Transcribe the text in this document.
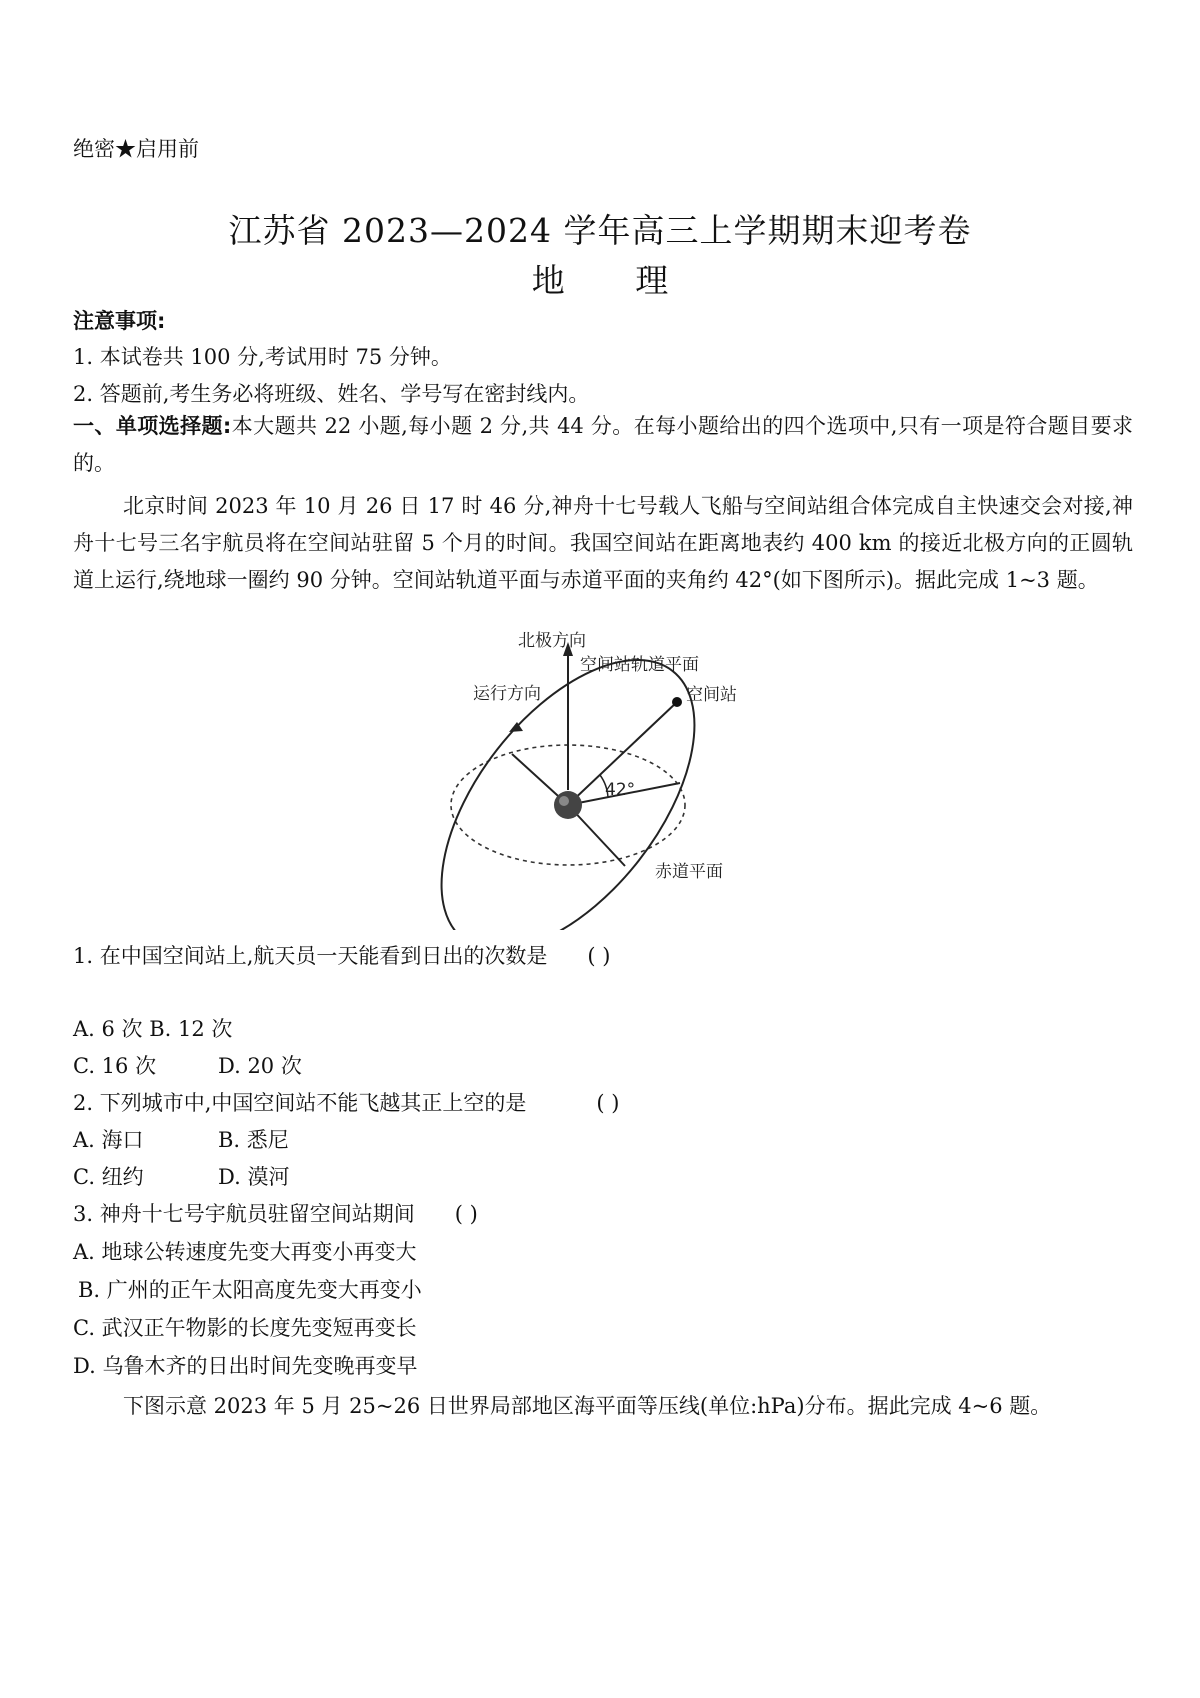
绝密★启用前
江苏省 2023—2024 学年高三上学期期末迎考卷
地 理
注意事项:
1. 本试卷共 100 分,考试用时 75 分钟。
2. 答题前,考生务必将班级、姓名、学号写在密封线内。
一、单项选择题:本大题共 22 小题,每小题 2 分,共 44 分。在每小题给出的四个选项中,只有一项是符合题目要求的。
北京时间 2023 年 10 月 26 日 17 时 46 分,神舟十七号载人飞船与空间站组合体完成自主快速交会对接,神舟十七号三名宇航员将在空间站驻留 5 个月的时间。我国空间站在距离地表约 400 km 的接近北极方向的正圆轨道上运行,绕地球一圈约 90 分钟。空间站轨道平面与赤道平面的夹角约 42°(如下图所示)。据此完成 1~3 题。
北极方向
空间站轨道平面
运行方向	空间站
42°
赤道平面
1. 在中国空间站上,航天员一天能看到日出的次数是 ( )
A. 6 次 B. 12 次
C. 16 次	D. 20 次
2. 下列城市中,中国空间站不能飞越其正上空的是	( )
A. 海口	B. 悉尼
C. 纽约	D. 漠河
3. 神舟十七号宇航员驻留空间站期间 ( )
A. 地球公转速度先变大再变小再变大
B. 广州的正午太阳高度先变大再变小
C. 武汉正午物影的长度先变短再变长
D. 乌鲁木齐的日出时间先变晚再变早
下图示意 2023 年 5 月 25~26 日世界局部地区海平面等压线(单位:hPa)分布。据此完成 4~6 题。
